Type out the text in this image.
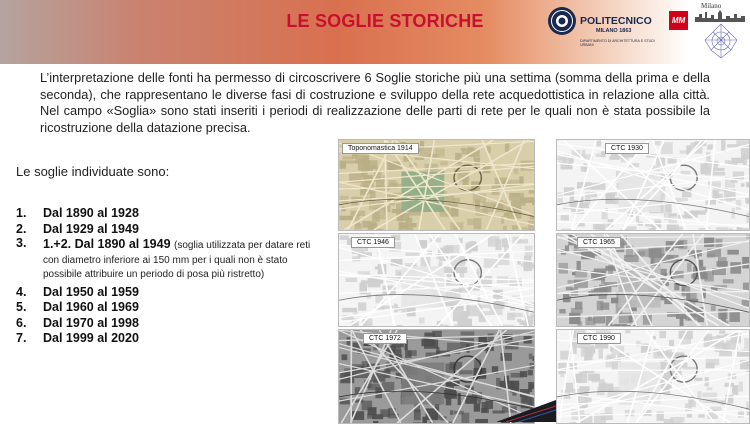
LE SOGLIE STORICHE	POLITECNICO
MILANO 1863
DIPARTIMENTO DI ARCHITETTURA E STUDI URBANI
MM
Milano
L’interpretazione delle fonti ha permesso di circoscrivere 6 Soglie storiche più una settima (somma della prima e della seconda), che rappresentano le diverse fasi di costruzione e sviluppo della rete acquedottistica in relazione alla città. Nel campo «Soglia» sono stati inseriti i periodi di realizzazione delle parti di rete per le quali non è stata possibile la ricostruzione della datazione precisa.
Le soglie individuate sono:
1. Dal 1890 al 1928
2. Dal 1929 al 1949
3. 1.+2. Dal 1890 al 1949 (soglia utilizzata per datare reti con diametro inferiore ai 150 mm per i quali non è stato possibile attribuire un periodo di posa più ristretto)
4. Dal 1950 al 1959
5. Dal 1960 al 1969
6. Dal 1970 al 1998
7. Dal 1999 al 2020
Toponomastica 1914	CTC 1930
CTC 1946	CTC 1965
CTC 1972	CTC 1990
